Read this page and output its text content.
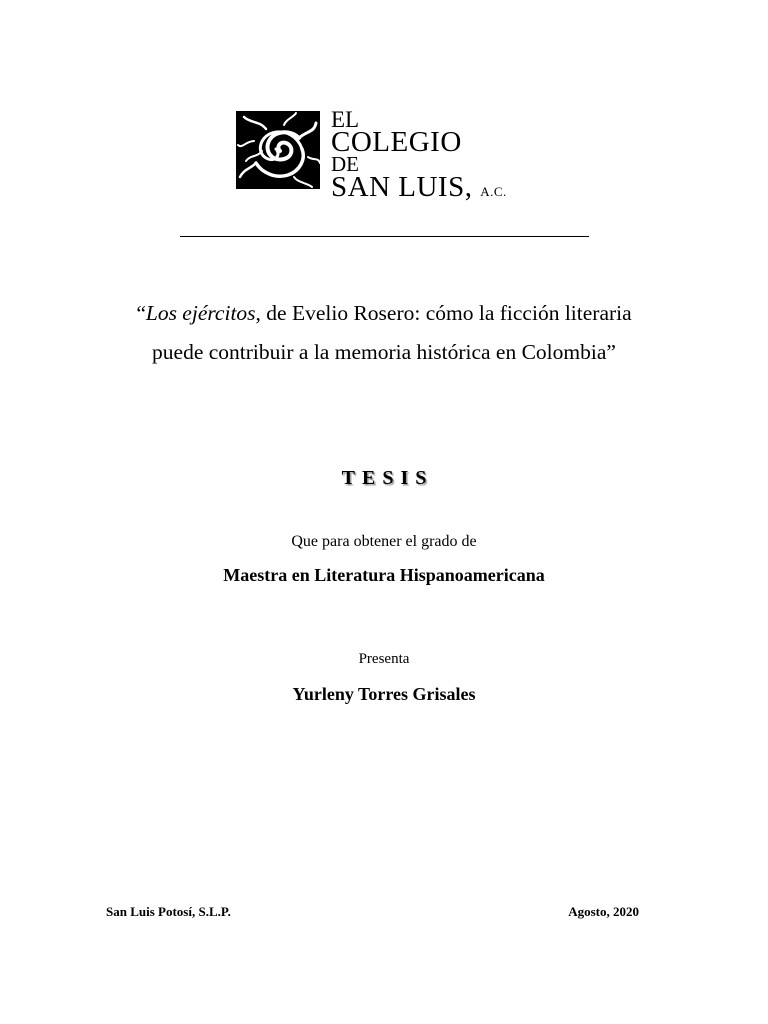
EL
COLEGIO
DE
SAN LUIS, A.C.
“Los ejércitos, de Evelio Rosero: cómo la ficción literaria
puede contribuir a la memoria histórica en Colombia”
TESIS
Que para obtener el grado de
Maestra en Literatura Hispanoamericana
Presenta
Yurleny Torres Grisales
San Luis Potosí, S.L.P.	Agosto, 2020
